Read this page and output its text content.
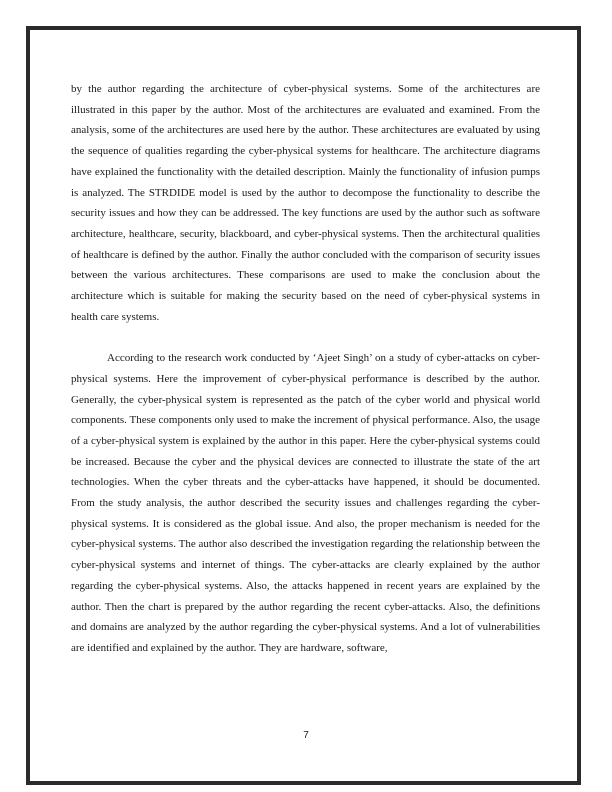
by the author regarding the architecture of cyber-physical systems. Some of the architectures are illustrated in this paper by the author. Most of the architectures are evaluated and examined. From the analysis, some of the architectures are used here by the author. These architectures are evaluated by using the sequence of qualities regarding the cyber-physical systems for healthcare. The architecture diagrams have explained the functionality with the detailed description. Mainly the functionality of infusion pumps is analyzed. The STRDIDE model is used by the author to decompose the functionality to describe the security issues and how they can be addressed. The key functions are used by the author such as software architecture, healthcare, security, blackboard, and cyber-physical systems. Then the architectural qualities of healthcare is defined by the author. Finally the author concluded with the comparison of security issues between the various architectures. These comparisons are used to make the conclusion about the architecture which is suitable for making the security based on the need of cyber-physical systems in health care systems.

According to the research work conducted by ‘Ajeet Singh’ on a study of cyber-attacks on cyber-physical systems. Here the improvement of cyber-physical performance is described by the author. Generally, the cyber-physical system is represented as the patch of the cyber world and physical world components. These components only used to make the increment of physical performance. Also, the usage of a cyber-physical system is explained by the author in this paper. Here the cyber-physical systems could be increased. Because the cyber and the physical devices are connected to illustrate the state of the art technologies. When the cyber threats and the cyber-attacks have happened, it should be documented. From the study analysis, the author described the security issues and challenges regarding the cyber-physical systems. It is considered as the global issue. And also, the proper mechanism is needed for the cyber-physical systems. The author also described the investigation regarding the relationship between the cyber-physical systems and internet of things. The cyber-attacks are clearly explained by the author regarding the cyber-physical systems. Also, the attacks happened in recent years are explained by the author. Then the chart is prepared by the author regarding the recent cyber-attacks. Also, the definitions and domains are analyzed by the author regarding the cyber-physical systems. And a lot of vulnerabilities are identified and explained by the author. They are hardware, software,

7
